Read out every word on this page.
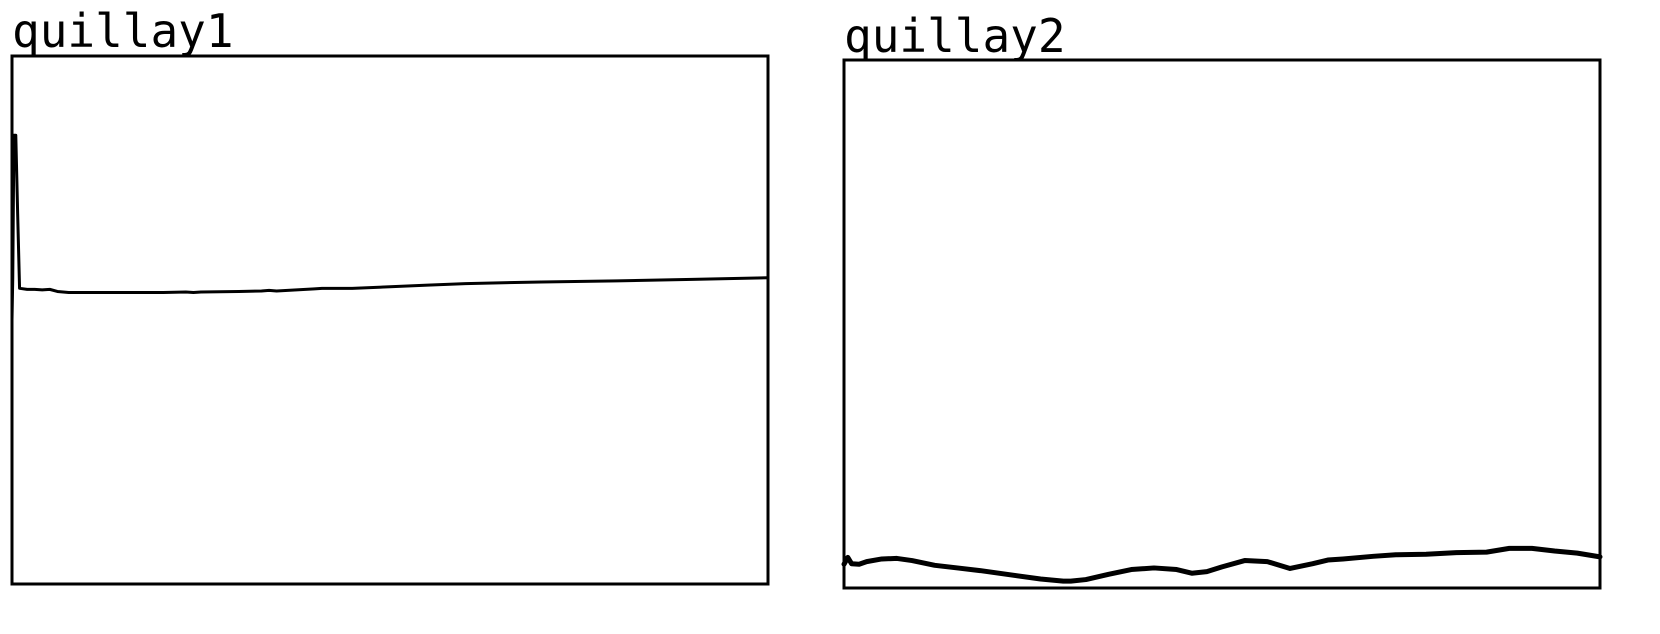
quillay1	quillay2
